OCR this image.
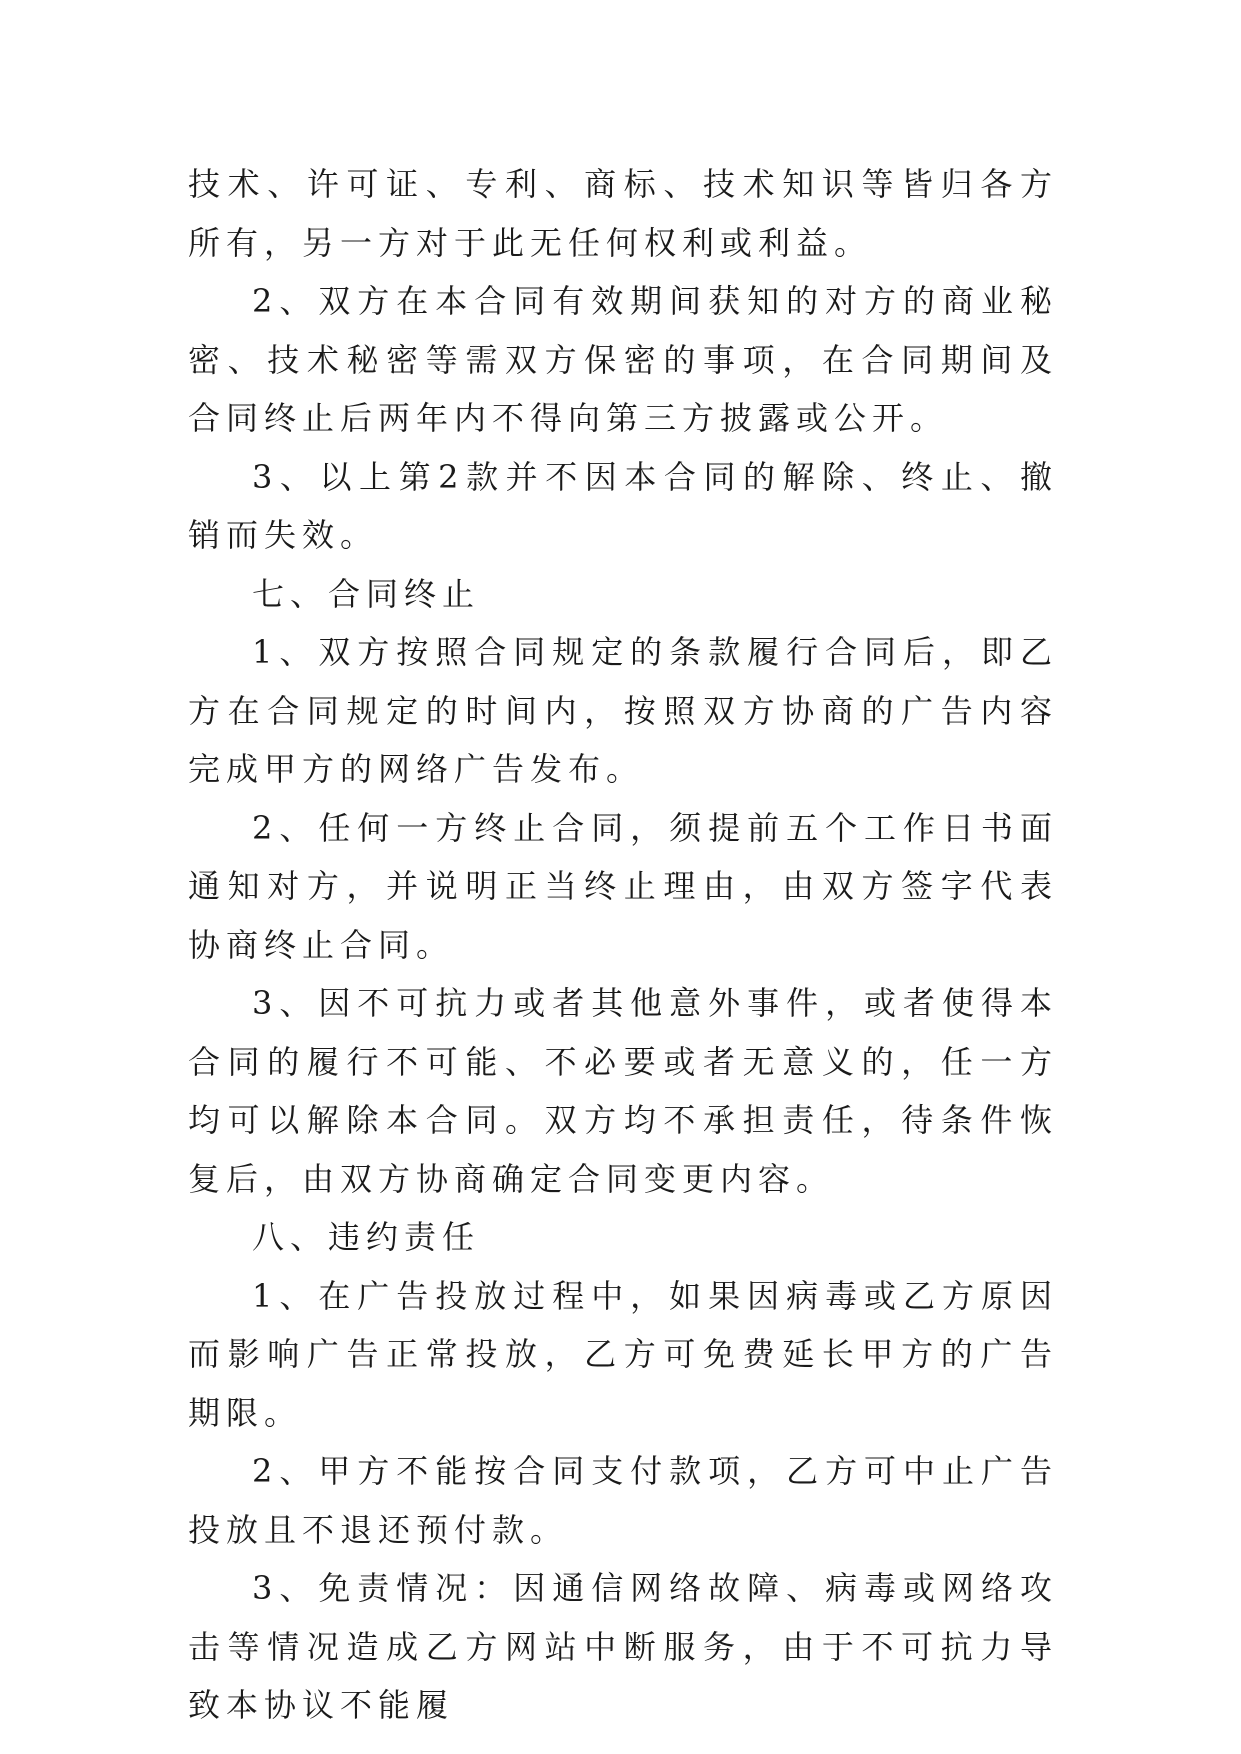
技术、许可证、专利、商标、技术知识等皆归各方所有，另一方对于此无任何权利或利益。

2、双方在本合同有效期间获知的对方的商业秘密、技术秘密等需双方保密的事项，在合同期间及合同终止后两年内不得向第三方披露或公开。

3、以上第2款并不因本合同的解除、终止、撤销而失效。

七、合同终止

1、双方按照合同规定的条款履行合同后，即乙方在合同规定的时间内，按照双方协商的广告内容完成甲方的网络广告发布。

2、任何一方终止合同，须提前五个工作日书面通知对方，并说明正当终止理由，由双方签字代表协商终止合同。

3、因不可抗力或者其他意外事件，或者使得本合同的履行不可能、不必要或者无意义的，任一方均可以解除本合同。双方均不承担责任，待条件恢复后，由双方协商确定合同变更内容。

八、违约责任

1、在广告投放过程中，如果因病毒或乙方原因而影响广告正常投放，乙方可免费延长甲方的广告期限。

2、甲方不能按合同支付款项，乙方可中止广告投放且不退还预付款。

3、免责情况：因通信网络故障、病毒或网络攻击等情况造成乙方网站中断服务，由于不可抗力导致本协议不能履
